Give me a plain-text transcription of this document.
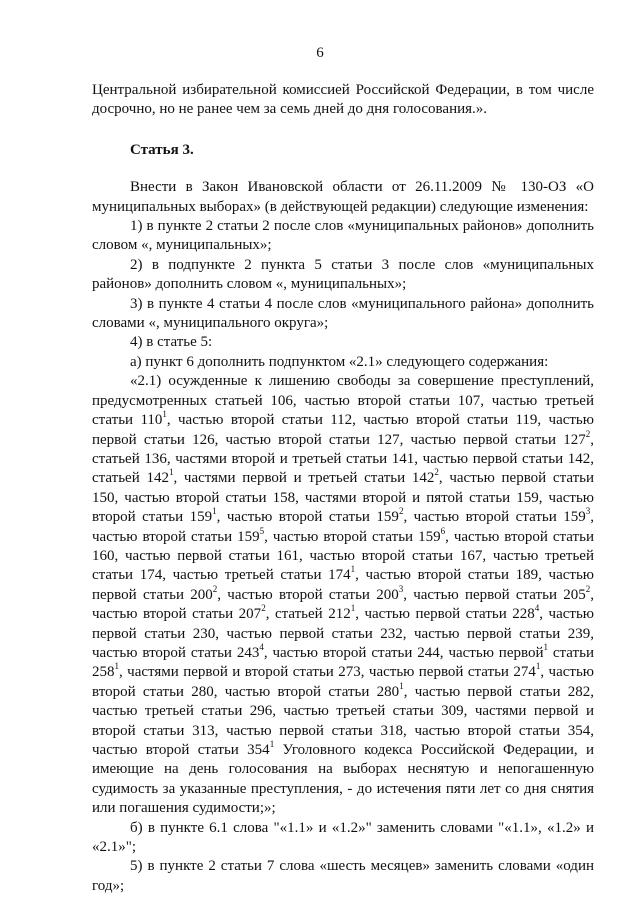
6

Центральной избирательной комиссией Российской Федерации, в том числе досрочно, но не ранее чем за семь дней до дня голосования.».

Статья 3.

Внести в Закон Ивановской области от 26.11.2009 № 130-ОЗ «О муниципальных выборах» (в действующей редакции) следующие изменения:

1) в пункте 2 статьи 2 после слов «муниципальных районов» дополнить словом «, муниципальных»;

2) в подпункте 2 пункта 5 статьи 3 после слов «муниципальных районов» дополнить словом «, муниципальных»;

3) в пункте 4 статьи 4 после слов «муниципального района» дополнить словами «, муниципального округа»;

4) в статье 5:

а) пункт 6 дополнить подпунктом «2.1» следующего содержания:

«2.1) осужденные к лишению свободы за совершение преступлений, предусмотренных статьей 106, частью второй статьи 107, частью третьей статьи $110^1$, частью второй статьи 112, частью второй статьи 119, частью первой статьи 126, частью второй статьи 127, частью первой статьи $127^2$, статьей 136, частями второй и третьей статьи 141, частью первой статьи 142, статьей $142^1$, частями первой и третьей статьи $142^2$, частью первой статьи 150, частью второй статьи 158, частями второй и пятой статьи 159, частью второй статьи $159^1$, частью второй статьи $159^2$, частью второй статьи $159^3$, частью второй статьи $159^5$, частью второй статьи $159^6$, частью второй статьи 160, частью первой статьи 161, частью второй статьи 167, частью третьей статьи 174, частью третьей статьи $174^1$, частью второй статьи 189, частью первой статьи $200^2$, частью второй статьи $200^3$, частью первой статьи $205^2$, частью второй статьи $207^2$, статьей $212^1$, частью первой статьи $228^4$, частью первой статьи 230, частью первой статьи 232, частью первой статьи 239, частью второй статьи $243^4$, частью второй статьи 244, частью первой$^1$ статьи $258^1$, частями первой и второй статьи 273, частью первой статьи $274^1$, частью второй статьи 280, частью второй статьи $280^1$, частью первой статьи 282, частью третьей статьи 296, частью третьей статьи 309, частями первой и второй статьи 313, частью первой статьи 318, частью второй статьи 354, частью второй статьи $354^1$ Уголовного кодекса Российской Федерации, и имеющие на день голосования на выборах неснятую и непогашенную судимость за указанные преступления, - до истечения пяти лет со дня снятия или погашения судимости;»;

б) в пункте 6.1 слова "«1.1» и «1.2»" заменить словами "«1.1», «1.2» и «2.1»";

5) в пункте 2 статьи 7 слова «шесть месяцев» заменить словами «один год»;
